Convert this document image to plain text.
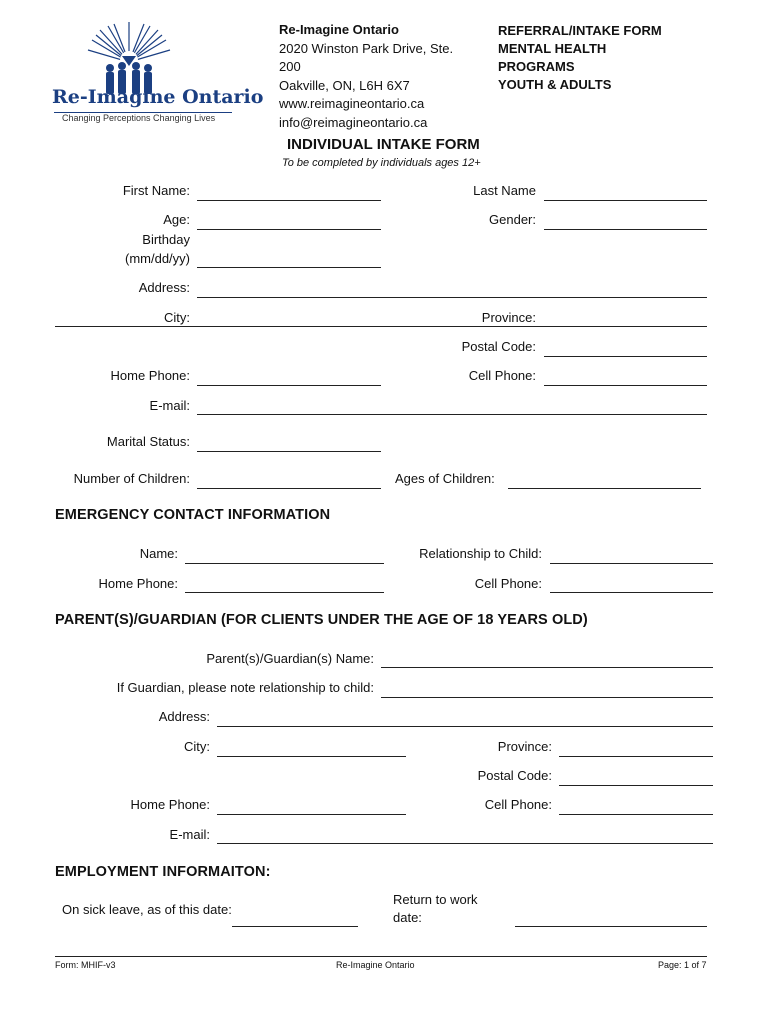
Re-Imagine Ontario
Changing Perceptions Changing Lives
Re-Imagine Ontario
2020 Winston Park Drive, Ste.
200
Oakville, ON, L6H 6X7
www.reimagineontario.ca
info@reimagineontario.ca
REFERRAL/INTAKE FORM
MENTAL HEALTH
PROGRAMS
YOUTH & ADULTS
INDIVIDUAL INTAKE FORM
To be completed by individuals ages 12+
First Name:	Last Name
Age:	Gender:
Birthday
(mm/dd/yy)
Address:
City:	Province:
Postal Code:
Home Phone:	Cell Phone:
E-mail:
Marital Status:
Number of Children:	Ages of Children:
EMERGENCY CONTACT INFORMATION
Name:	Relationship to Child:
Home Phone:	Cell Phone:
PARENT(S)/GUARDIAN (FOR CLIENTS UNDER THE AGE OF 18 YEARS OLD)
Parent(s)/Guardian(s) Name:
If Guardian, please note relationship to child:
Address:
City:	Province:
Postal Code:
Home Phone:	Cell Phone:
E-mail:
EMPLOYMENT INFORMAITON:
On sick leave, as of this date:
Return to work
date:
Form: MHIF-v3	Re-Imagine Ontario	Page: 1 of 7
